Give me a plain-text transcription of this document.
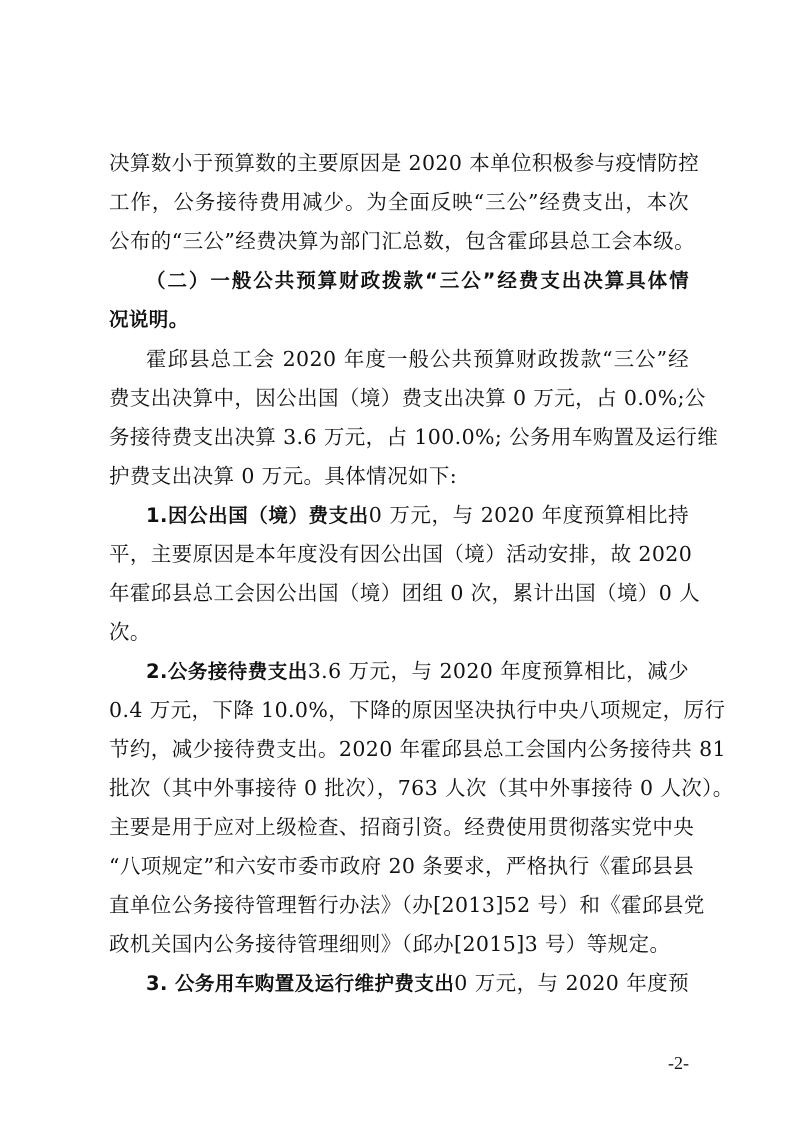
决算数小于预算数的主要原因是 2020 本单位积极参与疫情防控
工作，公务接待费用减少。为全面反映“三公”经费支出，本次
公布的“三公”经费决算为部门汇总数，包含霍邱县总工会本级。
（二）一般公共预算财政拨款“三公”经费支出决算具体情
况说明。
霍邱县总工会 2020 年度一般公共预算财政拨款“三公”经
费支出决算中，因公出国（境）费支出决算 0 万元，占 0.0%;公
务接待费支出决算 3.6 万元，占 100.0%; 公务用车购置及运行维
护费支出决算 0 万元。具体情况如下:
1.因公出国（境）费支出0 万元，与 2020 年度预算相比持
平，主要原因是本年度没有因公出国（境）活动安排，故 2020
年霍邱县总工会因公出国（境）团组 0 次，累计出国（境）0 人
次。
2.公务接待费支出3.6 万元，与 2020 年度预算相比，减少
0.4 万元，下降 10.0%，下降的原因坚决执行中央八项规定，厉行
节约，减少接待费支出。2020 年霍邱县总工会国内公务接待共 81
批次（其中外事接待 0 批次），763 人次（其中外事接待 0 人次）。
主要是用于应对上级检查、招商引资。经费使用贯彻落实党中央
“八项规定”和六安市委市政府 20 条要求，严格执行《霍邱县县
直单位公务接待管理暂行办法》（办[2013]52 号）和《霍邱县党
政机关国内公务接待管理细则》（邱办[2015]3 号）等规定。
3. 公务用车购置及运行维护费支出0 万元，与 2020 年度预
-2-
